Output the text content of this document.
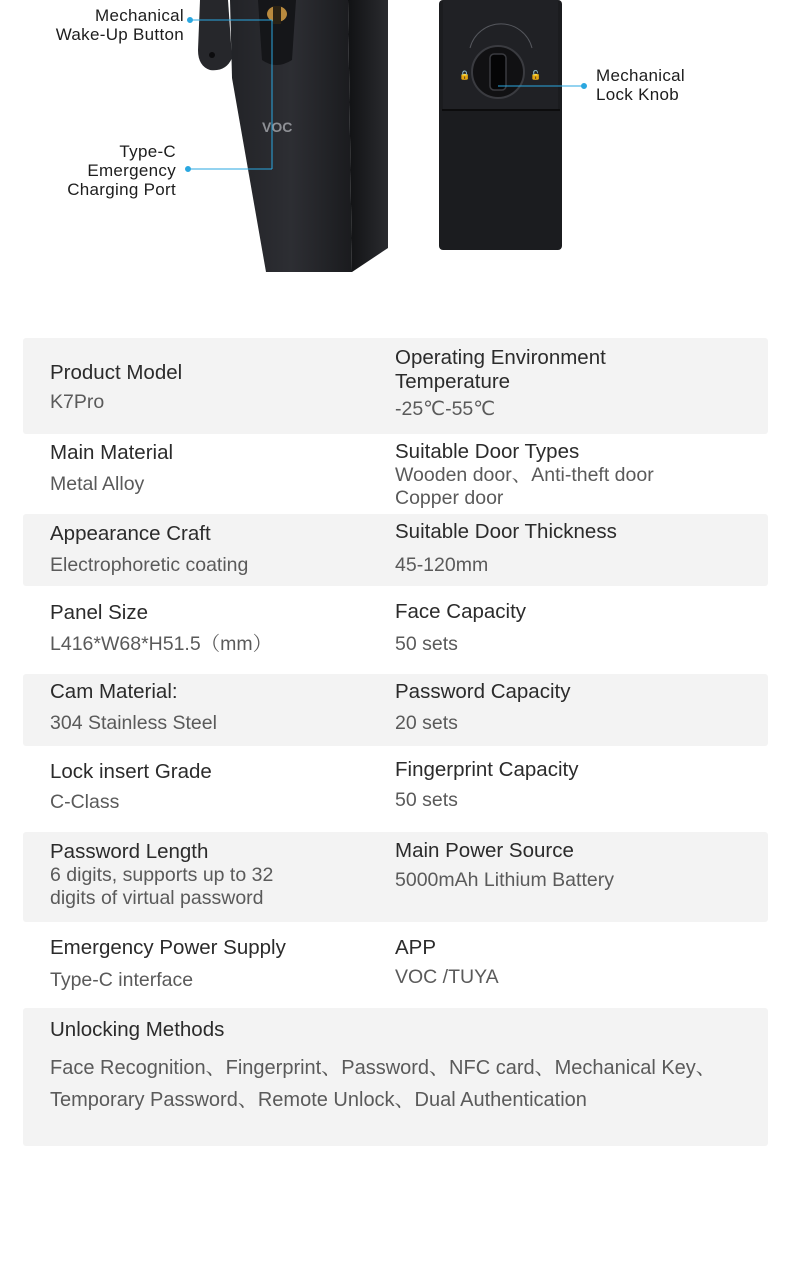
VOC
🔒	🔓
Mechanical
Wake-Up Button
Type-C
Emergency
Charging Port
Mechanical
Lock Knob
Product Model
K7Pro
Operating Environment Temperature
-25℃-55℃
Main Material
Metal Alloy
Suitable Door Types
Wooden door、Anti-theft door Copper door
Appearance Craft
Electrophoretic coating
Suitable Door Thickness
45-120mm
Panel Size
L416*W68*H51.5（mm）
Face Capacity
50 sets
Cam Material:
304 Stainless Steel
Password Capacity
20 sets
Lock insert Grade
C-Class
Fingerprint Capacity
50 sets
Password Length
6 digits, supports up to 32 digits of virtual password
Main Power Source
5000mAh Lithium Battery
Emergency Power Supply
Type-C interface
APP
VOC /TUYA
Unlocking Methods
Face Recognition、Fingerprint、Password、NFC card、Mechanical Key、Temporary Password、Remote Unlock、Dual Authentication
